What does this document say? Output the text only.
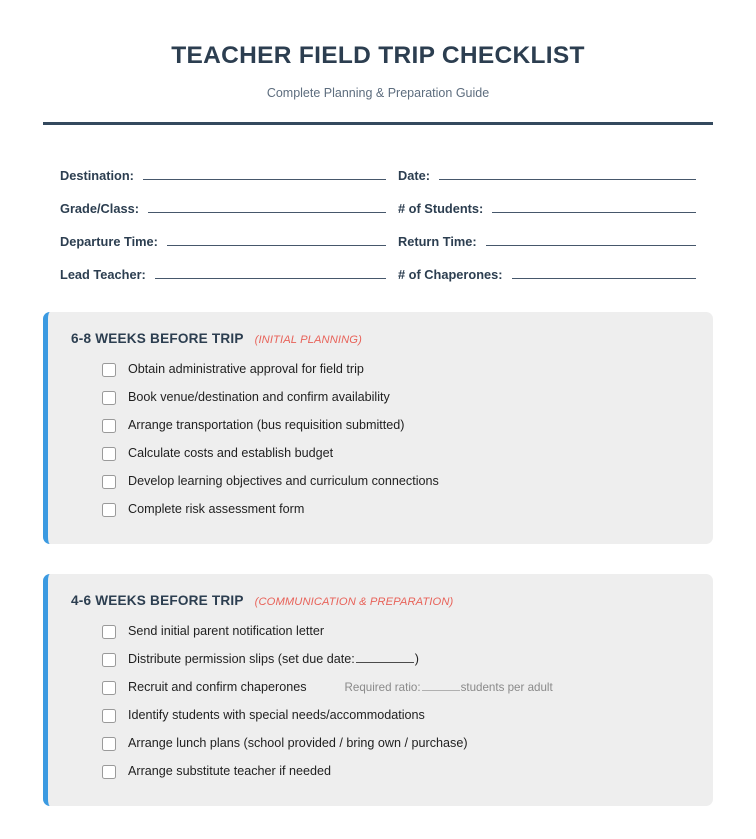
TEACHER FIELD TRIP CHECKLIST

Complete Planning & Preparation Guide

Destination:	Date:
Grade/Class:	# of Students:
Departure Time:	Return Time:
Lead Teacher:	# of Chaperones:
6-8 WEEKS BEFORE TRIP (INITIAL PLANNING)
Obtain administrative approval for field trip
Book venue/destination and confirm availability
Arrange transportation (bus requisition submitted)
Calculate costs and establish budget
Develop learning objectives and curriculum connections
Complete risk assessment form
4-6 WEEKS BEFORE TRIP (COMMUNICATION & PREPARATION)
Send initial parent notification letter
Distribute permission slips (set due date:	)
Recruit and confirm chaperones	Required ratio:	students per adult
Identify students with special needs/accommodations
Arrange lunch plans (school provided / bring own / purchase)
Arrange substitute teacher if needed
